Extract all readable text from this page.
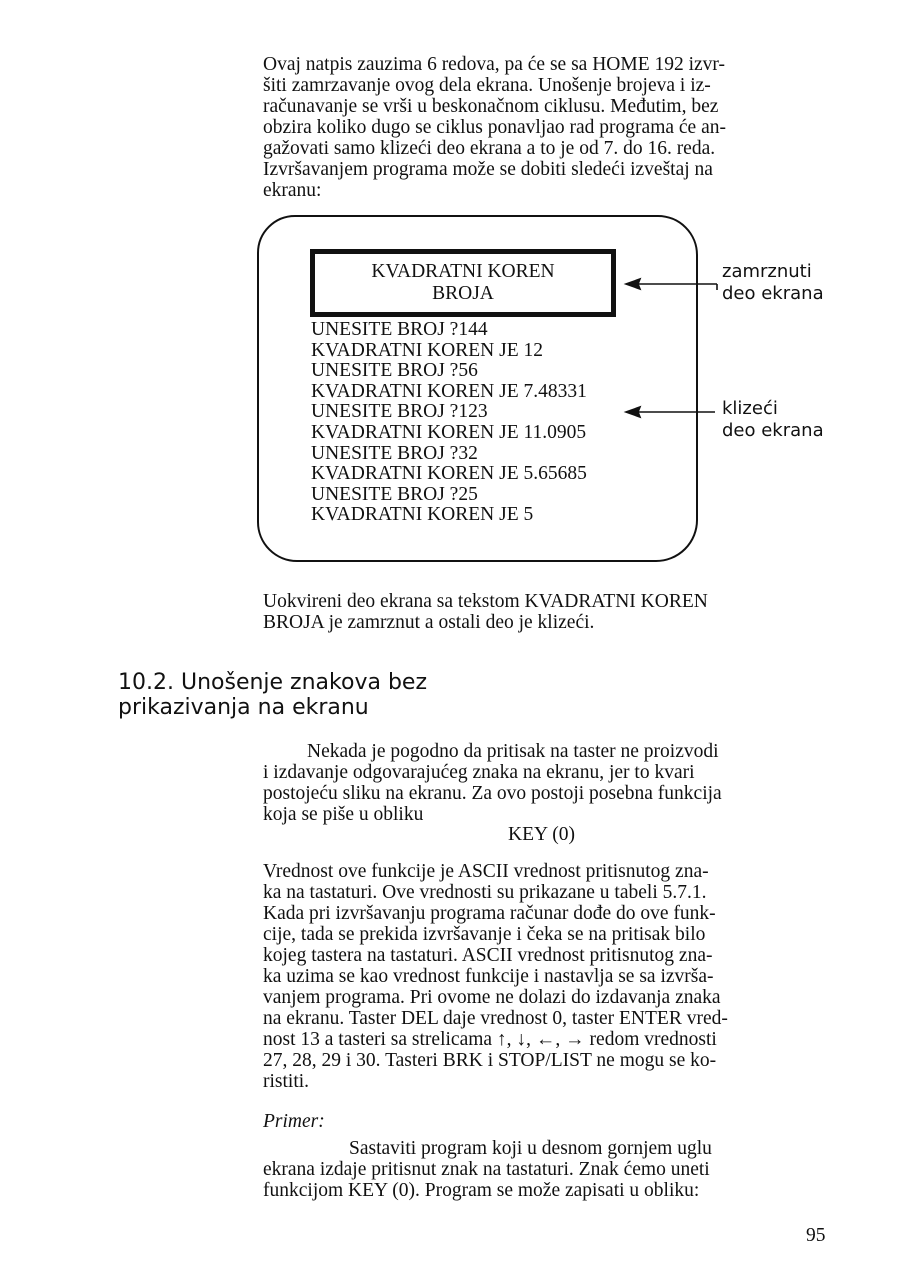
Ovaj natpis zauzima 6 redova, pa će se sa HOME 192 izvr-
šiti zamrzavanje ovog dela ekrana. Unošenje brojeva i iz-
računavanje se vrši u beskonačnom ciklusu. Međutim, bez
obzira koliko dugo se ciklus ponavljao rad programa će an-
gažovati samo klizeći deo ekrana a to je od 7. do 16. reda.
Izvršavanjem programa može se dobiti sledeći izveštaj na
ekranu:
KVADRATNI KOREN
BROJA
UNESITE BROJ ?144
KVADRATNI KOREN JE 12
UNESITE BROJ ?56
KVADRATNI KOREN JE 7.48331
UNESITE BROJ ?123
KVADRATNI KOREN JE 11.0905
UNESITE BROJ ?32
KVADRATNI KOREN JE 5.65685
UNESITE BROJ ?25
KVADRATNI KOREN JE 5
zamrznuti
deo ekrana
klizeći
deo ekrana
Uokvireni deo ekrana sa tekstom KVADRATNI KOREN
BROJA je zamrznut a ostali deo je klizeći.
10.2. Unošenje znakova bez
prikazivanja na ekranu
Nekada je pogodno da pritisak na taster ne proizvodi
i izdavanje odgovarajućeg znaka na ekranu, jer to kvari
postojeću sliku na ekranu. Za ovo postoji posebna funkcija
koja se piše u obliku
KEY (0)
Vrednost ove funkcije je ASCII vrednost pritisnutog zna-
ka na tastaturi. Ove vrednosti su prikazane u tabeli 5.7.1.
Kada pri izvršavanju programa računar dođe do ove funk-
cije, tada se prekida izvršavanje i čeka se na pritisak bilo
kojeg tastera na tastaturi. ASCII vrednost pritisnutog zna-
ka uzima se kao vrednost funkcije i nastavlja se sa izvrša-
vanjem programa. Pri ovome ne dolazi do izdavanja znaka
na ekranu. Taster DEL daje vrednost 0, taster ENTER vred-
nost 13 a tasteri sa strelicama ↑, ↓, ←, → redom vrednosti
27, 28, 29 i 30. Tasteri BRK i STOP/LIST ne mogu se ko-
ristiti.
Primer:
Sastaviti program koji u desnom gornjem uglu
ekrana izdaje pritisnut znak na tastaturi. Znak ćemo uneti
funkcijom KEY (0). Program se može zapisati u obliku:
95
